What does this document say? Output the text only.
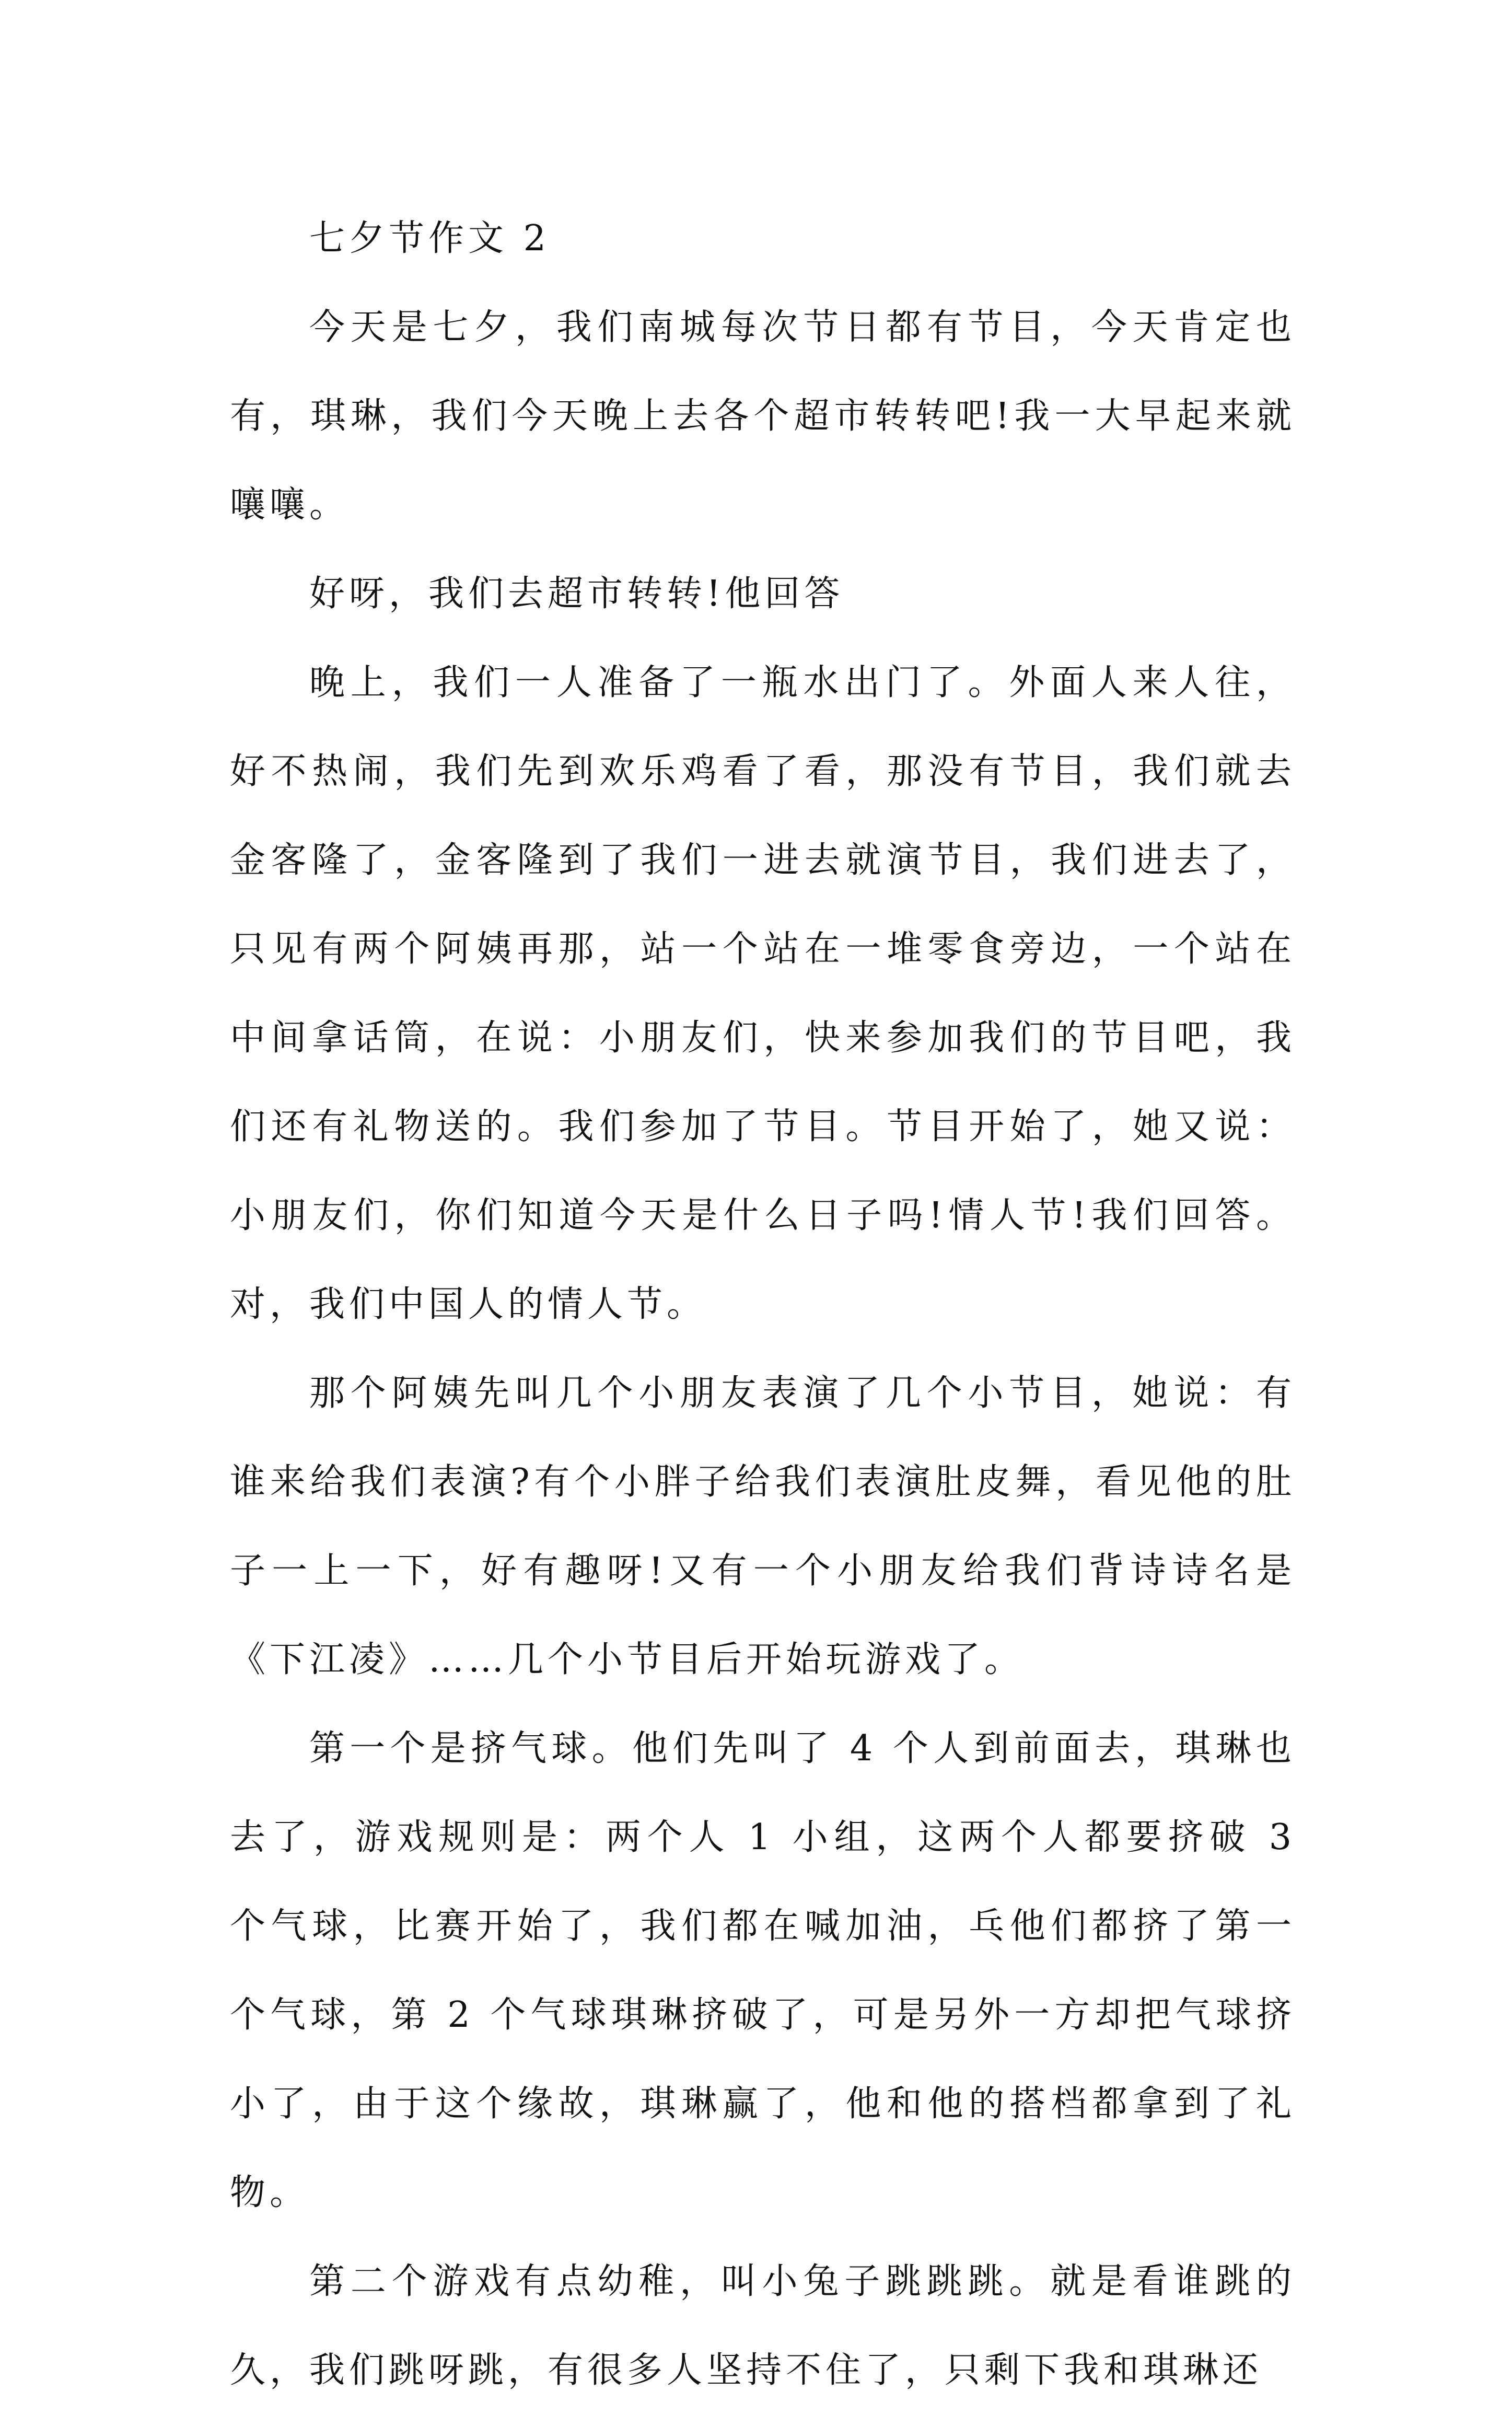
七夕节作文 2

今天是七夕，我们南城每次节日都有节目，今天肯定也有，琪琳，我们今天晚上去各个超市转转吧!我一大早起来就嚷嚷。

好呀，我们去超市转转!他回答

晚上，我们一人准备了一瓶水出门了。外面人来人往，好不热闹，我们先到欢乐鸡看了看，那没有节目，我们就去金客隆了，金客隆到了我们一进去就演节目，我们进去了，只见有两个阿姨再那，站一个站在一堆零食旁边，一个站在中间拿话筒，在说：小朋友们，快来参加我们的节目吧，我们还有礼物送的。我们参加了节目。节目开始了，她又说：小朋友们，你们知道今天是什么日子吗!情人节!我们回答。对，我们中国人的情人节。

那个阿姨先叫几个小朋友表演了几个小节目，她说：有谁来给我们表演?有个小胖子给我们表演肚皮舞，看见他的肚子一上一下，好有趣呀!又有一个小朋友给我们背诗诗名是《下江凌》……几个小节目后开始玩游戏了。

第一个是挤气球。他们先叫了 4 个人到前面去，琪琳也去了，游戏规则是：两个人 1 小组，这两个人都要挤破 3 个气球，比赛开始了，我们都在喊加油，乓他们都挤了第一个气球，第 2 个气球琪琳挤破了，可是另外一方却把气球挤小了，由于这个缘故，琪琳赢了，他和他的搭档都拿到了礼物。

第二个游戏有点幼稚，叫小兔子跳跳跳。就是看谁跳的久，我们跳呀跳，有很多人坚持不住了，只剩下我和琪琳还
